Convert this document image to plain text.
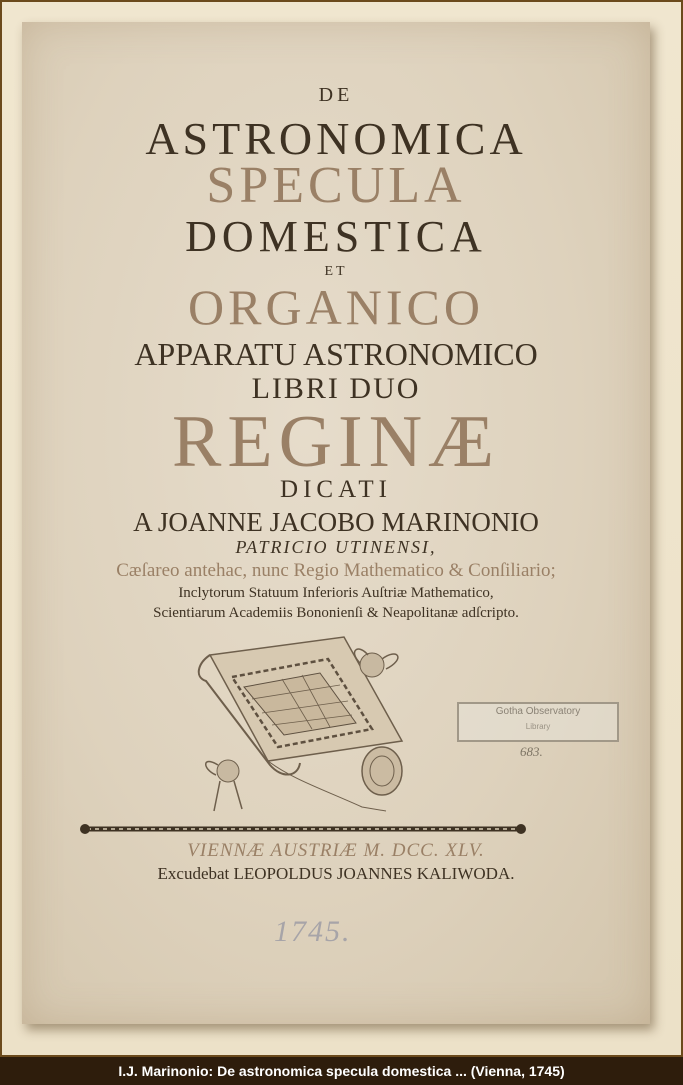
DE
ASTRONOMICA
SPECULA
DOMESTICA
ET
ORGANICO
APPARATU ASTRONOMICO
LIBRI DUO
REGINÆ
DICATI
A JOANNE JACOBO MARINONIO
PATRICIO UTINENSI,
Cæſareo antehac, nunc Regio Mathematico & Conſiliario;
Inclytorum Statuum Inferioris Auſtriæ Mathematico,
Scientiarum Academiis Bononienſi & Neapolitanæ adſcripto.
VIENNÆ AUSTRIÆ M. DCC. XLV.
Excudebat LEOPOLDUS JOANNES KALIWODA.
Gotha Observatory
Library
683.
1745.
I.J. Marinonio: De astronomica specula domestica ... (Vienna, 1745)
